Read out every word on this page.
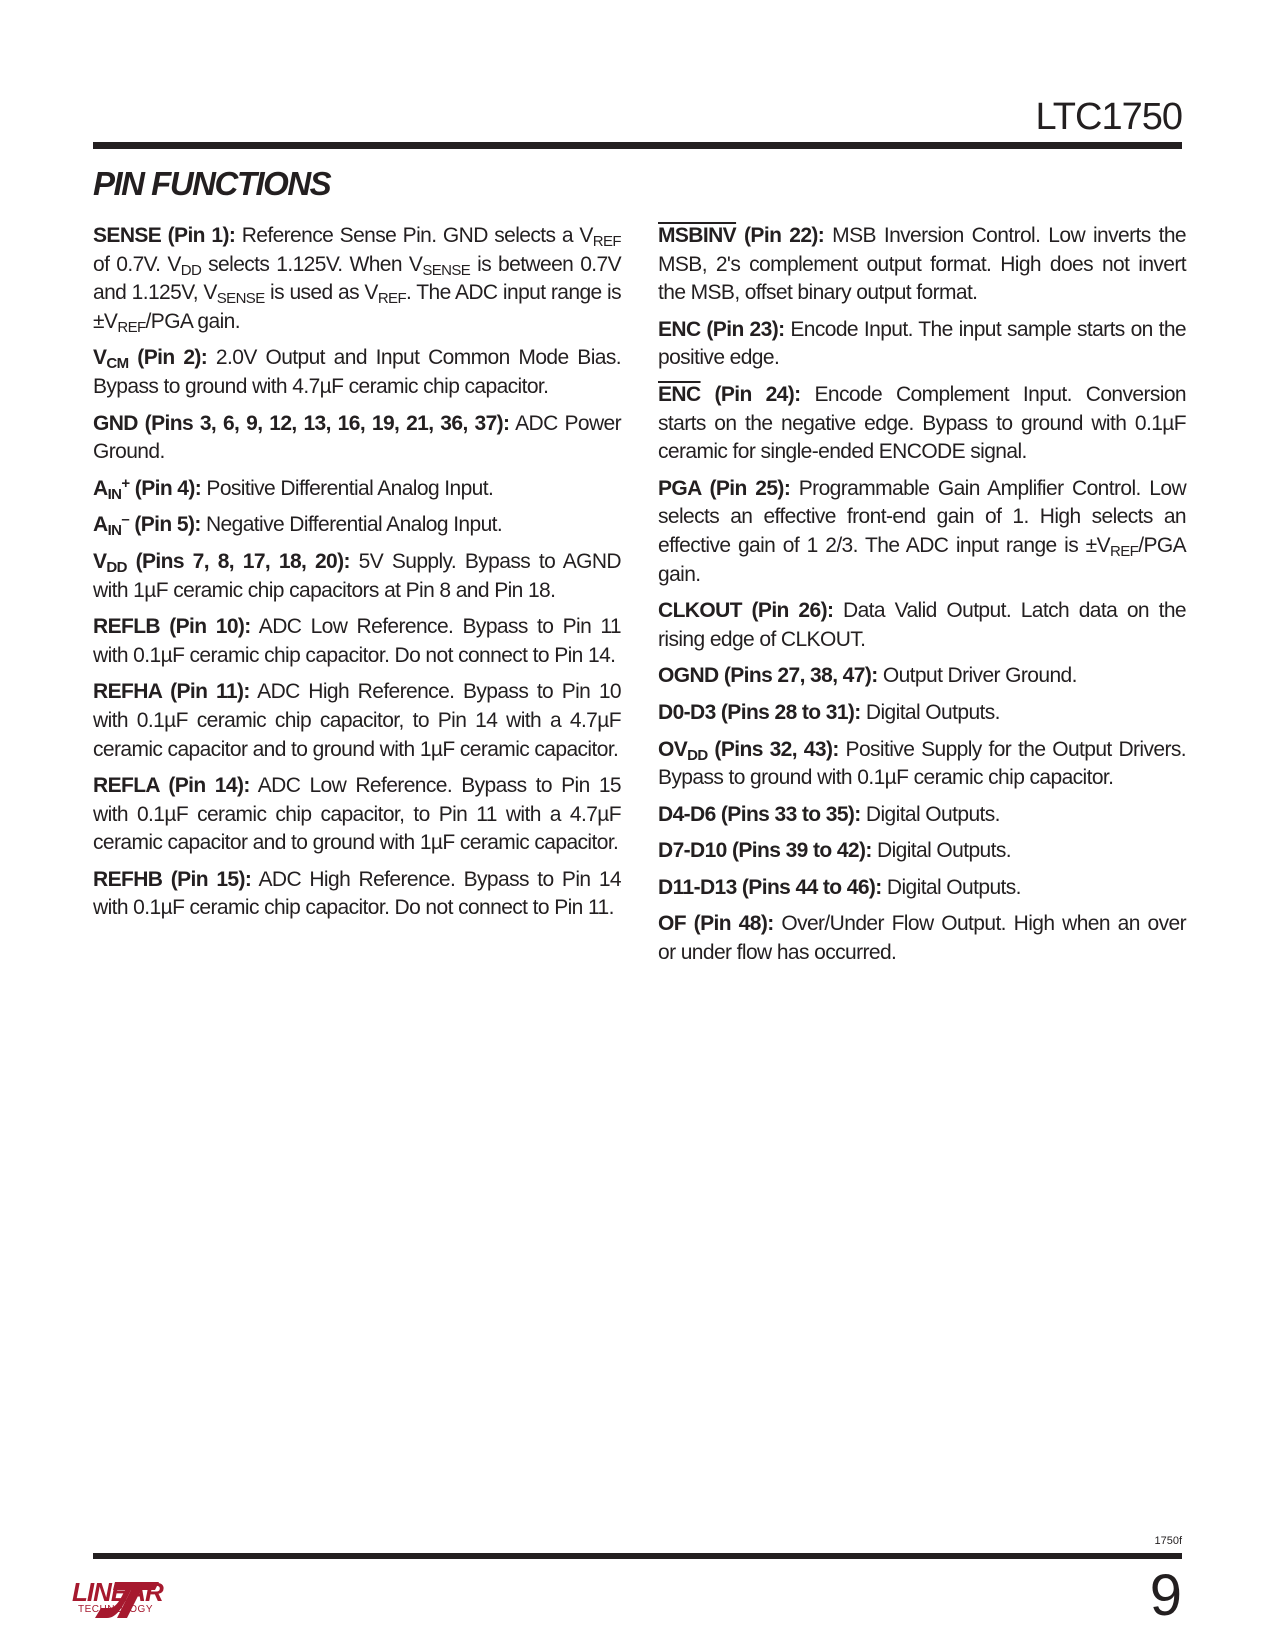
LTC1750
PIN FUNCTIONS

SENSE (Pin 1): Reference Sense Pin. GND selects a $V_{REF}$ of 0.7V. $V_{DD}$ selects 1.125V. When $V_{SENSE}$ is between 0.7V and 1.125V, $V_{SENSE}$ is used as $V_{REF}$. The ADC input range is $\pm V_{REF}$/PGA gain.

$V_{CM}$ (Pin 2): 2.0V Output and Input Common Mode Bias. Bypass to ground with 4.7µF ceramic chip capacitor.

GND (Pins 3, 6, 9, 12, 13, 16, 19, 21, 36, 37): ADC Power Ground.

$A_{IN}^+$ (Pin 4): Positive Differential Analog Input.

$A_{IN}^-$ (Pin 5): Negative Differential Analog Input.

$V_{DD}$ (Pins 7, 8, 17, 18, 20): 5V Supply. Bypass to AGND with 1µF ceramic chip capacitors at Pin 8 and Pin 18.

REFLB (Pin 10): ADC Low Reference. Bypass to Pin 11 with 0.1µF ceramic chip capacitor. Do not connect to Pin 14.

REFHA (Pin 11): ADC High Reference. Bypass to Pin 10 with 0.1µF ceramic chip capacitor, to Pin 14 with a 4.7µF ceramic capacitor and to ground with 1µF ceramic capacitor.

REFLA (Pin 14): ADC Low Reference. Bypass to Pin 15 with 0.1µF ceramic chip capacitor, to Pin 11 with a 4.7µF ceramic capacitor and to ground with 1µF ceramic capacitor.

REFHB (Pin 15): ADC High Reference. Bypass to Pin 14 with 0.1µF ceramic chip capacitor. Do not connect to Pin 11.

MSBINV (Pin 22): MSB Inversion Control. Low inverts the MSB, 2's complement output format. High does not invert the MSB, offset binary output format.

ENC (Pin 23): Encode Input. The input sample starts on the positive edge.

$\overline{ENC}$ (Pin 24): Encode Complement Input. Conversion starts on the negative edge. Bypass to ground with 0.1µF ceramic for single-ended ENCODE signal.

PGA (Pin 25): Programmable Gain Amplifier Control. Low selects an effective front-end gain of 1. High selects an effective gain of 1 2/3. The ADC input range is $\pm V_{REF}$/PGA gain.

CLKOUT (Pin 26): Data Valid Output. Latch data on the rising edge of CLKOUT.

OGND (Pins 27, 38, 47): Output Driver Ground.

D0-D3 (Pins 28 to 31): Digital Outputs.

$OV_{DD}$ (Pins 32, 43): Positive Supply for the Output Drivers. Bypass to ground with 0.1µF ceramic chip capacitor.

D4-D6 (Pins 33 to 35): Digital Outputs.

D7-D10 (Pins 39 to 42): Digital Outputs.

D11-D13 (Pins 44 to 46): Digital Outputs.

OF (Pin 48): Over/Under Flow Output. High when an over or under flow has occurred.

1750f
LINEAR
TECHNOLOGY	9
